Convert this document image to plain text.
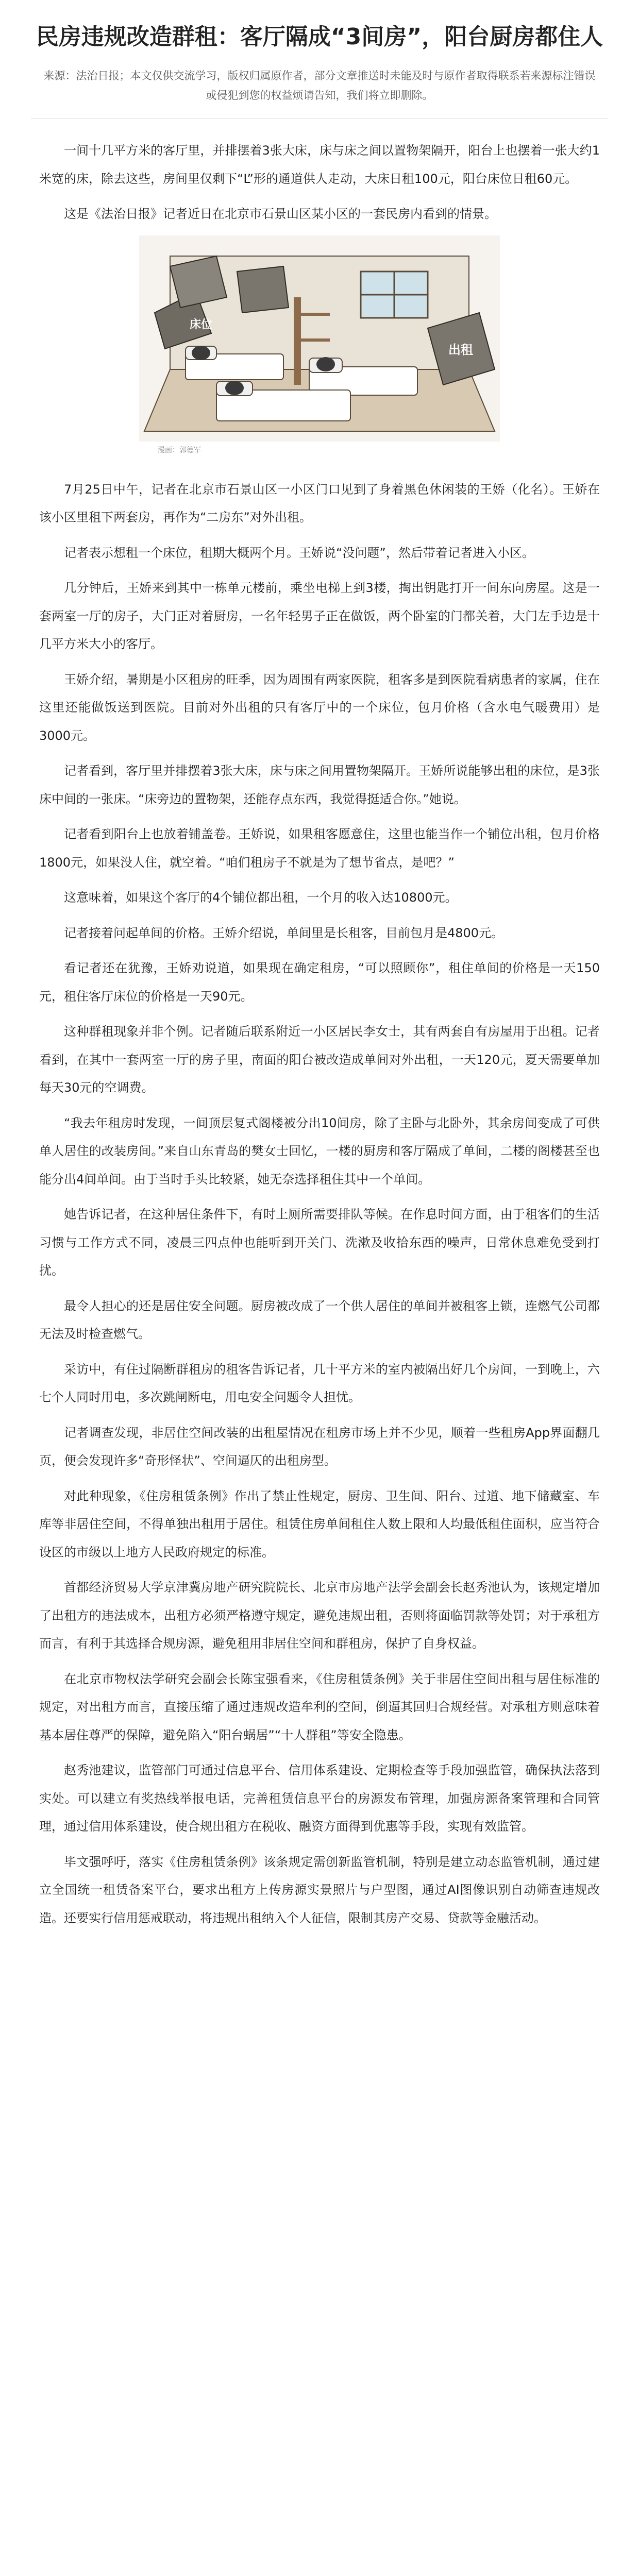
民房违规改造群租：客厅隔成“3间房”，阳台厨房都住人
来源：法治日报；本文仅供交流学习，版权归属原作者，部分文章推送时未能及时与原作者取得联系若来源标注错误或侵犯到您的权益烦请告知，我们将立即删除。

一间十几平方米的客厅里，并排摆着3张大床，床与床之间以置物架隔开，阳台上也摆着一张大约1米宽的床，除去这些，房间里仅剩下“L”形的通道供人走动，大床日租100元，阳台床位日租60元。

这是《法治日报》记者近日在北京市石景山区某小区的一套民房内看到的情景。

床位
出租
漫画：郭德军

7月25日中午，记者在北京市石景山区一小区门口见到了身着黑色休闲装的王娇（化名）。王娇在该小区里租下两套房，再作为“二房东”对外出租。

记者表示想租一个床位，租期大概两个月。王娇说“没问题”，然后带着记者进入小区。

几分钟后，王娇来到其中一栋单元楼前，乘坐电梯上到3楼，掏出钥匙打开一间东向房屋。这是一套两室一厅的房子，大门正对着厨房，一名年轻男子正在做饭，两个卧室的门都关着，大门左手边是十几平方米大小的客厅。

王娇介绍，暑期是小区租房的旺季，因为周围有两家医院，租客多是到医院看病患者的家属，住在这里还能做饭送到医院。目前对外出租的只有客厅中的一个床位，包月价格（含水电气暖费用）是3000元。

记者看到，客厅里并排摆着3张大床，床与床之间用置物架隔开。王娇所说能够出租的床位，是3张床中间的一张床。“床旁边的置物架，还能存点东西，我觉得挺适合你。”她说。

记者看到阳台上也放着铺盖卷。王娇说，如果租客愿意住，这里也能当作一个铺位出租，包月价格1800元，如果没人住，就空着。“咱们租房子不就是为了想节省点，是吧？”

这意味着，如果这个客厅的4个铺位都出租，一个月的收入达10800元。

记者接着问起单间的价格。王娇介绍说，单间里是长租客，目前包月是4800元。

看记者还在犹豫，王娇劝说道，如果现在确定租房，“可以照顾你”，租住单间的价格是一天150元，租住客厅床位的价格是一天90元。

这种群租现象并非个例。记者随后联系附近一小区居民李女士，其有两套自有房屋用于出租。记者看到，在其中一套两室一厅的房子里，南面的阳台被改造成单间对外出租，一天120元，夏天需要单加每天30元的空调费。

“我去年租房时发现，一间顶层复式阁楼被分出10间房，除了主卧与北卧外，其余房间变成了可供单人居住的改装房间。”来自山东青岛的樊女士回忆，一楼的厨房和客厅隔成了单间，二楼的阁楼甚至也能分出4间单间。由于当时手头比较紧，她无奈选择租住其中一个单间。

她告诉记者，在这种居住条件下，有时上厕所需要排队等候。在作息时间方面，由于租客们的生活习惯与工作方式不同，凌晨三四点仲也能听到开关门、洗漱及收拾东西的噪声，日常休息难免受到打扰。

最令人担心的还是居住安全问题。厨房被改成了一个供人居住的单间并被租客上锁，连燃气公司都无法及时检查燃气。

采访中，有住过隔断群租房的租客告诉记者，几十平方米的室内被隔出好几个房间，一到晚上，六七个人同时用电，多次跳闸断电，用电安全问题令人担忧。

记者调查发现，非居住空间改装的出租屋情况在租房市场上并不少见，顺着一些租房App界面翻几页，便会发现许多“奇形怪状”、空间逼仄的出租房型。

对此种现象，《住房租赁条例》作出了禁止性规定，厨房、卫生间、阳台、过道、地下储藏室、车库等非居住空间，不得单独出租用于居住。租赁住房单间租住人数上限和人均最低租住面积，应当符合设区的市级以上地方人民政府规定的标准。

首都经济贸易大学京津冀房地产研究院院长、北京市房地产法学会副会长赵秀池认为，该规定增加了出租方的违法成本，出租方必须严格遵守规定，避免违规出租，否则将面临罚款等处罚；对于承租方而言，有利于其选择合规房源，避免租用非居住空间和群租房，保护了自身权益。

在北京市物权法学研究会副会长陈宝强看来，《住房租赁条例》关于非居住空间出租与居住标准的规定，对出租方而言，直接压缩了通过违规改造牟利的空间，倒逼其回归合规经营。对承租方则意味着基本居住尊严的保障，避免陷入“阳台蜗居”“十人群租”等安全隐患。

赵秀池建议，监管部门可通过信息平台、信用体系建设、定期检查等手段加强监管，确保执法落到实处。可以建立有奖热线举报电话，完善租赁信息平台的房源发布管理，加强房源备案管理和合同管理，通过信用体系建设，使合规出租方在税收、融资方面得到优惠等手段，实现有效监管。

毕文强呼吁，落实《住房租赁条例》该条规定需创新监管机制，特别是建立动态监管机制，通过建立全国统一租赁备案平台，要求出租方上传房源实景照片与户型图，通过AI图像识别自动筛查违规改造。还要实行信用惩戒联动，将违规出租纳入个人征信，限制其房产交易、贷款等金融活动。
